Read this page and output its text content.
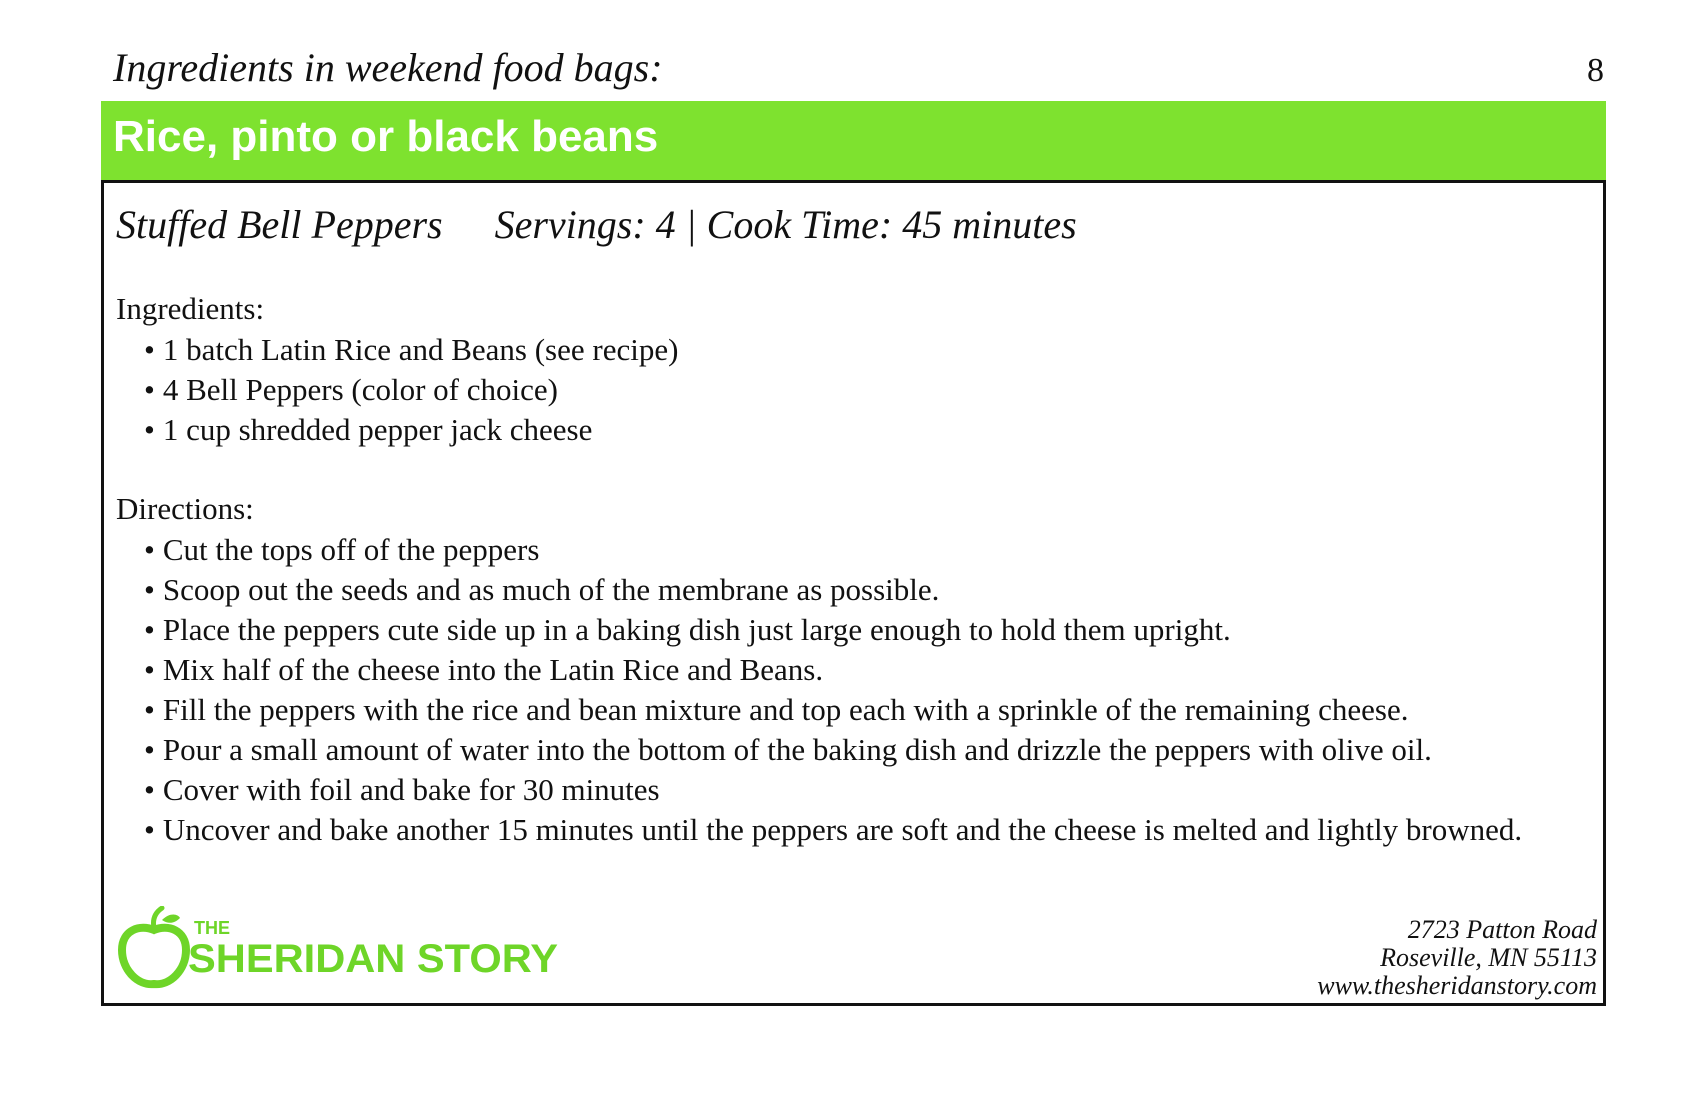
Ingredients in weekend food bags:	8
Rice, pinto or black beans
Stuffed Bell Peppers Servings: 4 | Cook Time: 45 minutes
Ingredients:
• 1 batch Latin Rice and Beans (see recipe)
• 4 Bell Peppers (color of choice)
• 1 cup shredded pepper jack cheese
Directions:
• Cut the tops off of the peppers
• Scoop out the seeds and as much of the membrane as possible.
• Place the peppers cute side up in a baking dish just large enough to hold them upright.
• Mix half of the cheese into the Latin Rice and Beans.
• Fill the peppers with the rice and bean mixture and top each with a sprinkle of the remaining cheese.
• Pour a small amount of water into the bottom of the baking dish and drizzle the peppers with olive oil.
• Cover with foil and bake for 30 minutes
• Uncover and bake another 15 minutes until the peppers are soft and the cheese is melted and lightly browned.
THE
SHERIDAN STORY
2723 Patton Road
Roseville, MN 55113
www.thesheridanstory.com
